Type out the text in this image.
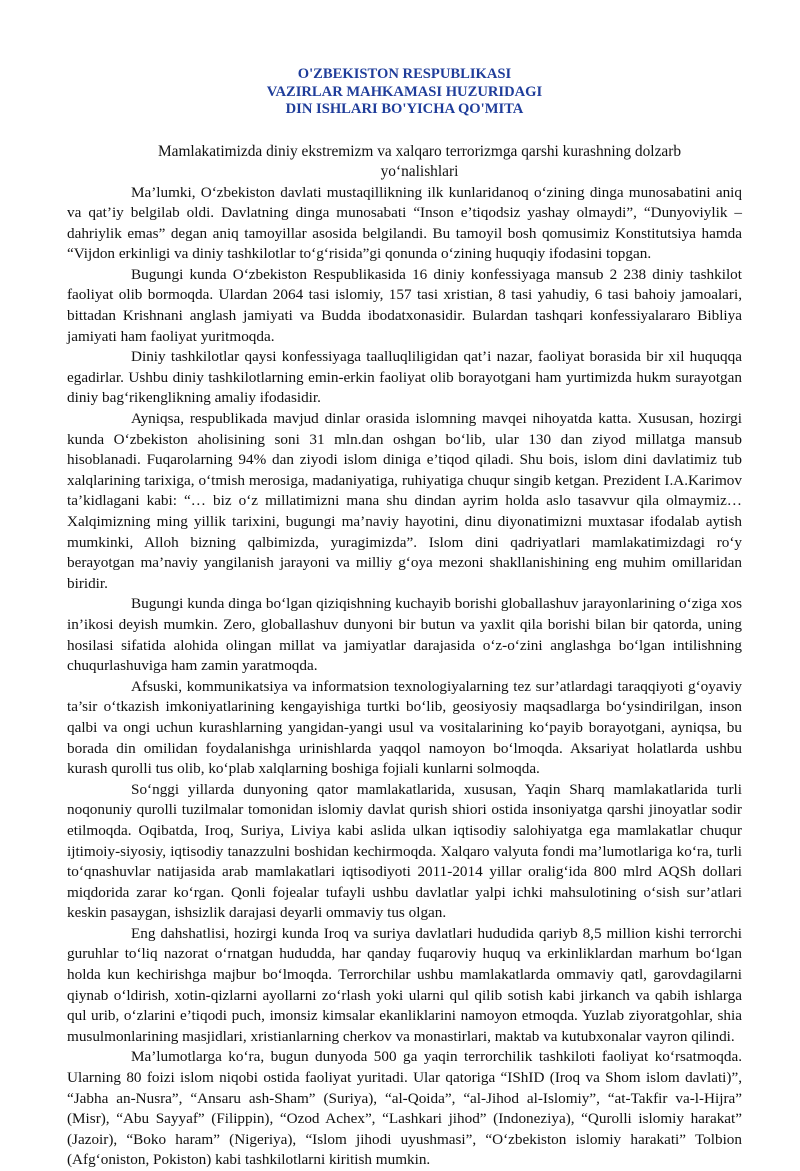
O'ZBEKISTON RESPUBLIKASI
VAZIRLAR MAHKAMASI HUZURIDAGI
DIN ISHLARI BO'YICHA QO'MITA

Mamlakatimizda diniy ekstremizm va xalqaro terrorizmga qarshi kurashning dolzarb yo‘nalishlari

Ma’lumki, O‘zbekiston davlati mustaqillikning ilk kunlaridanoq o‘zining dinga munosabatini aniq va qat’iy belgilab oldi. Davlatning dinga munosabati “Inson e’tiqodsiz yashay olmaydi”, “Dunyoviylik – dahriylik emas” degan aniq tamoyillar asosida belgilandi. Bu tamoyil bosh qomusimiz Konstitutsiya hamda “Vijdon erkinligi va diniy tashkilotlar to‘g‘risida”gi qonunda o‘zining huquqiy ifodasini topgan.

Bugungi kunda O‘zbekiston Respublikasida 16 diniy konfessiyaga mansub 2 238 diniy tashkilot faoliyat olib bormoqda. Ulardan 2064 tasi islomiy, 157 tasi xristian, 8 tasi yahudiy, 6 tasi bahoiy jamoalari, bittadan Krishnani anglash jamiyati va Budda ibodatxonasidir. Bulardan tashqari konfessiyalararo Bibliya jamiyati ham faoliyat yuritmoqda.

Diniy tashkilotlar qaysi konfessiyaga taalluqliligidan qat’i nazar, faoliyat borasida bir xil huquqqa egadirlar. Ushbu diniy tashkilotlarning emin-erkin faoliyat olib borayotgani ham yurtimizda hukm surayotgan diniy bag‘rikenglikning amaliy ifodasidir.

Ayniqsa, respublikada mavjud dinlar orasida islomning mavqei nihoyatda katta. Xususan, hozirgi kunda O‘zbekiston aholisining soni 31 mln.dan oshgan bo‘lib, ular 130 dan ziyod millatga mansub hisoblanadi. Fuqarolarning 94% dan ziyodi islom diniga e’tiqod qiladi. Shu bois, islom dini davlatimiz tub xalqlarining tarixiga, o‘tmish merosiga, madaniyatiga, ruhiyatiga chuqur singib ketgan. Prezident I.A.Karimov ta’kidlagani kabi: “… biz o‘z millatimizni mana shu dindan ayrim holda aslo tasavvur qila olmaymiz… Xalqimizning ming yillik tarixini, bugungi ma’naviy hayotini, dinu diyonatimizni muxtasar ifodalab aytish mumkinki, Alloh bizning qalbimizda, yuragimizda”. Islom dini qadriyatlari mamlakatimizdagi ro‘y berayotgan ma’naviy yangilanish jarayoni va milliy g‘oya mezoni shakllanishining eng muhim omillaridan biridir.

Bugungi kunda dinga bo‘lgan qiziqishning kuchayib borishi globallashuv jarayonlarining o‘ziga xos in’ikosi deyish mumkin. Zero, globallashuv dunyoni bir butun va yaxlit qila borishi bilan bir qatorda, uning hosilasi sifatida alohida olingan millat va jamiyatlar darajasida o‘z-o‘zini anglashga bo‘lgan intilishning chuqurlashuviga ham zamin yaratmoqda.

Afsuski, kommunikatsiya va informatsion texnologiyalarning tez sur’atlardagi taraqqiyoti g‘oyaviy ta’sir o‘tkazish imkoniyatlarining kengayishiga turtki bo‘lib, geosiyosiy maqsadlarga bo‘ysindirilgan, inson qalbi va ongi uchun kurashlarning yangidan-yangi usul va vositalarining ko‘payib borayotgani, ayniqsa, bu borada din omilidan foydalanishga urinishlarda yaqqol namoyon bo‘lmoqda. Aksariyat holatlarda ushbu kurash qurolli tus olib, ko‘plab xalqlarning boshiga fojiali kunlarni solmoqda.

So‘nggi yillarda dunyoning qator mamlakatlarida, xususan, Yaqin Sharq mamlakatlarida turli noqonuniy qurolli tuzilmalar tomonidan islomiy davlat qurish shiori ostida insoniyatga qarshi jinoyatlar sodir etilmoqda. Oqibatda, Iroq, Suriya, Liviya kabi aslida ulkan iqtisodiy salohiyatga ega mamlakatlar chuqur ijtimoiy-siyosiy, iqtisodiy tanazzulni boshidan kechirmoqda. Xalqaro valyuta fondi ma’lumotlariga ko‘ra, turli to‘qnashuvlar natijasida arab mamlakatlari iqtisodiyoti 2011-2014 yillar oralig‘ida 800 mlrd AQSh dollari miqdorida zarar ko‘rgan. Qonli fojealar tufayli ushbu davlatlar yalpi ichki mahsulotining o‘sish sur’atlari keskin pasaygan, ishsizlik darajasi deyarli ommaviy tus olgan.

Eng dahshatlisi, hozirgi kunda Iroq va suriya davlatlari hududida qariyb 8,5 million kishi terrorchi guruhlar to‘liq nazorat o‘rnatgan hududda, har qanday fuqaroviy huquq va erkinliklardan marhum bo‘lgan holda kun kechirishga majbur bo‘lmoqda. Terrorchilar ushbu mamlakatlarda ommaviy qatl, garovdagilarni qiynab o‘ldirish, xotin-qizlarni ayollarni zo‘rlash yoki ularni qul qilib sotish kabi jirkanch va qabih ishlarga qul urib, o‘zlarini e’tiqodi puch, imonsiz kimsalar ekanliklarini namoyon etmoqda. Yuzlab ziyoratgohlar, shia musulmonlarining masjidlari, xristianlarning cherkov va monastirlari, maktab va kutubxonalar vayron qilindi.

Ma’lumotlarga ko‘ra, bugun dunyoda 500 ga yaqin terrorchilik tashkiloti faoliyat ko‘rsatmoqda. Ularning 80 foizi islom niqobi ostida faoliyat yuritadi. Ular qatoriga “IShID (Iroq va Shom islom davlati)”, “Jabha an-Nusra”, “Ansaru ash-Sham” (Suriya), “al-Qoida”, “al-Jihod al-Islomiy”, “at-Takfir va-l-Hijra” (Misr), “Abu Sayyaf” (Filippin), “Ozod Achex”, “Lashkari jihod” (Indoneziya), “Qurolli islomiy harakat” (Jazoir), “Boko haram” (Nigeriya), “Islom jihodi uyushmasi”, “O‘zbekiston islomiy harakati” Tolbion (Afg‘oniston, Pokiston) kabi tashkilotlarni kiritish mumkin.
